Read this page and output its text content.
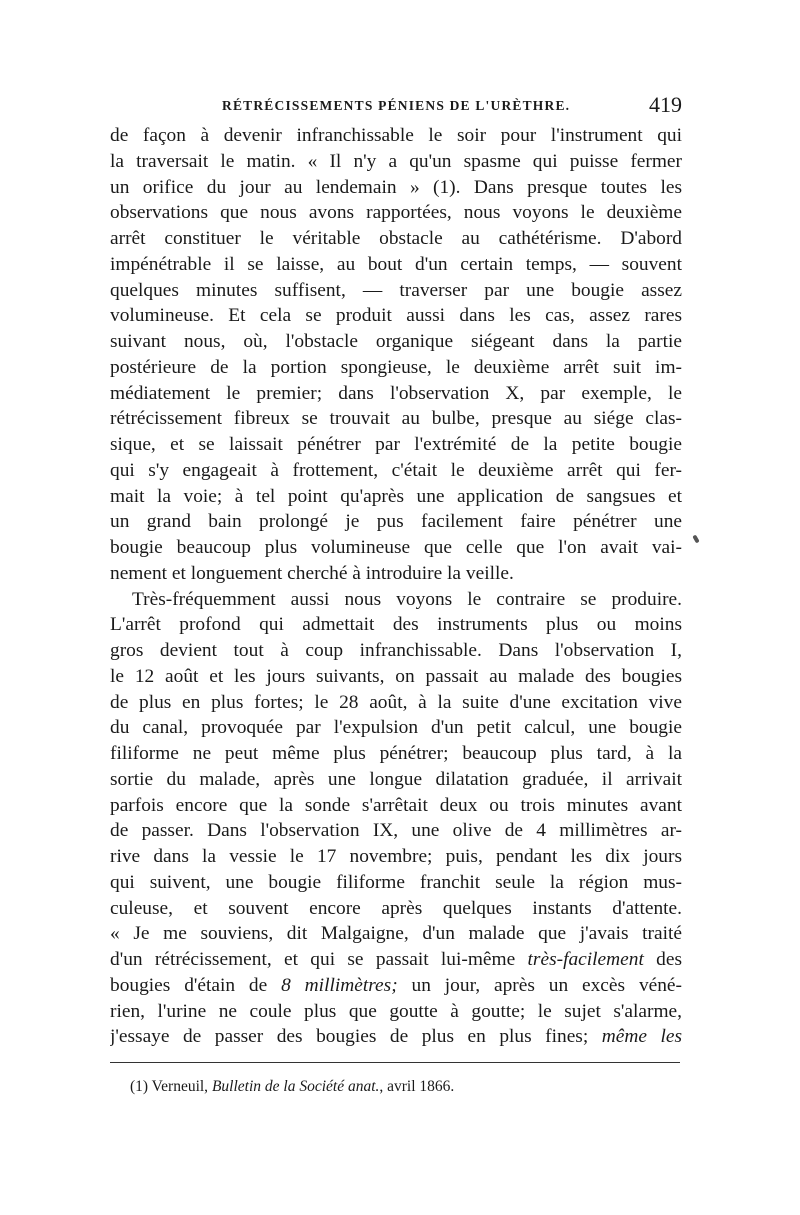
RÉTRÉCISSEMENTS PÉNIENS DE L'URÈTHRE.	419
de façon à devenir infranchissable le soir pour l'instrument qui
la traversait le matin. « Il n'y a qu'un spasme qui puisse fermer
un orifice du jour au lendemain » (1). Dans presque toutes les
observations que nous avons rapportées, nous voyons le deuxième
arrêt constituer le véritable obstacle au cathétérisme. D'abord
impénétrable il se laisse, au bout d'un certain temps, — souvent
quelques minutes suffisent, — traverser par une bougie assez
volumineuse. Et cela se produit aussi dans les cas, assez rares
suivant nous, où, l'obstacle organique siégeant dans la partie
postérieure de la portion spongieuse, le deuxième arrêt suit im-
médiatement le premier; dans l'observation X, par exemple, le
rétrécissement fibreux se trouvait au bulbe, presque au siége clas-
sique, et se laissait pénétrer par l'extrémité de la petite bougie
qui s'y engageait à frottement, c'était le deuxième arrêt qui fer-
mait la voie; à tel point qu'après une application de sangsues et
un grand bain prolongé je pus facilement faire pénétrer une
bougie beaucoup plus volumineuse que celle que l'on avait vai-
nement et longuement cherché à introduire la veille.
Très-fréquemment aussi nous voyons le contraire se produire.
L'arrêt profond qui admettait des instruments plus ou moins
gros devient tout à coup infranchissable. Dans l'observation I,
le 12 août et les jours suivants, on passait au malade des bougies
de plus en plus fortes; le 28 août, à la suite d'une excitation vive
du canal, provoquée par l'expulsion d'un petit calcul, une bougie
filiforme ne peut même plus pénétrer; beaucoup plus tard, à la
sortie du malade, après une longue dilatation graduée, il arrivait
parfois encore que la sonde s'arrêtait deux ou trois minutes avant
de passer. Dans l'observation IX, une olive de 4 millimètres ar-
rive dans la vessie le 17 novembre; puis, pendant les dix jours
qui suivent, une bougie filiforme franchit seule la région mus-
culeuse, et souvent encore après quelques instants d'attente.
« Je me souviens, dit Malgaigne, d'un malade que j'avais traité
d'un rétrécissement, et qui se passait lui-même très-facilement des
bougies d'étain de 8 millimètres; un jour, après un excès véné-
rien, l'urine ne coule plus que goutte à goutte; le sujet s'alarme,
j'essaye de passer des bougies de plus en plus fines; même les
(1) Verneuil, Bulletin de la Société anat., avril 1866.
